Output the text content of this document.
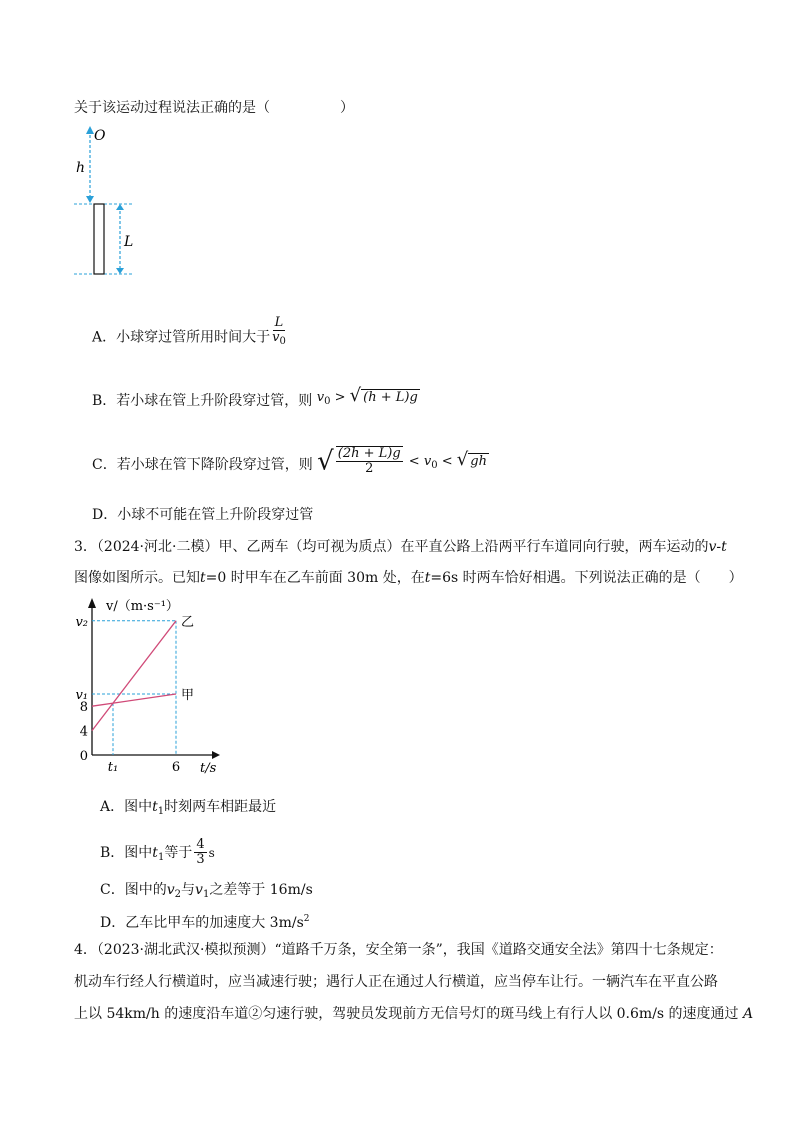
关于该运动过程说法正确的是（　　　　　）
O
h
L
A．小球穿过管所用时间大于 $\frac{L}{v_0}$
B．若小球在管上升阶段穿过管，则 $v_0$ > √ (h + L)g
C．若小球在管下降阶段穿过管，则 √ $\frac{(2h + L)g}{2} < v_0$ < √ gh
D．小球不可能在管上升阶段穿过管
3．（2024·河北·二模）甲、乙两车（均可视为质点）在平直公路上沿两平行车道同向行驶，两车运动的v-t
图像如图所示。已知t=0 时甲车在乙车前面 30m 处，在t=6s 时两车恰好相遇。下列说法正确的是（　　）
乙
甲
v₂
v₁
8
4
0
t₁	6
v/（m·s⁻¹）
t/s
A．图中$t_1$时刻两车相距最近
B．图中$t_1$等于 $\frac{4}{3}$ s
C．图中的$v_2$与$v_1$之差等于 16m/s
D．乙车比甲车的加速度大 $3m/s^2$
4．（2023·湖北武汉·模拟预测）“道路千万条，安全第一条”，我国《道路交通安全法》第四十七条规定：
机动车行经人行横道时，应当减速行驶；遇行人正在通过人行横道，应当停车让行。一辆汽车在平直公路
上以 54km/h 的速度沿车道②匀速行驶，驾驶员发现前方无信号灯的斑马线上有行人以 0.6m/s 的速度通过 A
